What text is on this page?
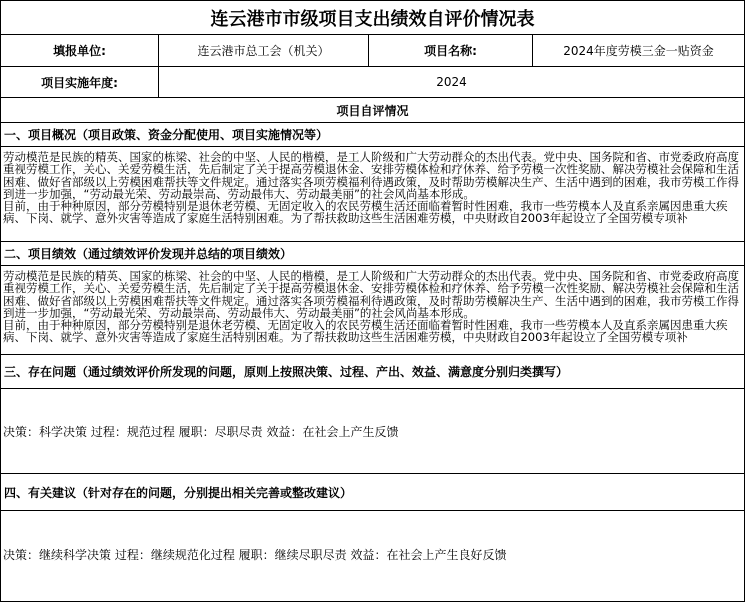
连云港市市级项目支出绩效自评价情况表
填报单位:	连云港市总工会（机关）	项目名称:	2024年度劳模三金一贴资金
项目实施年度:	2024
项目自评情况
一、项目概况（项目政策、资金分配使用、项目实施情况等）

劳动模范是民族的精英、国家的栋梁、社会的中坚、人民的楷模，是工人阶级和广大劳动群众的杰出代表。党中央、国务院和省、市党委政府高度重视劳模工作，关心、关爱劳模生活，先后制定了关于提高劳模退休金、安排劳模体检和疗休养、给予劳模一次性奖励、解决劳模社会保障和生活困难、做好省部级以上劳模困难帮扶等文件规定。通过落实各项劳模福利待遇政策，及时帮助劳模解决生产、生活中遇到的困难，我市劳模工作得到进一步加强，“劳动最光荣、劳动最崇高、劳动最伟大、劳动最美丽”的社会风尚基本形成。

目前，由于种种原因，部分劳模特别是退休老劳模、无固定收入的农民劳模生活还面临着暂时性困难，我市一些劳模本人及直系亲属因患重大疾病、下岗、就学、意外灾害等造成了家庭生活特别困难。为了帮扶救助这些生活困难劳模，中央财政自2003年起设立了全国劳模专项补

二、项目绩效（通过绩效评价发现并总结的项目绩效）

劳动模范是民族的精英、国家的栋梁、社会的中坚、人民的楷模，是工人阶级和广大劳动群众的杰出代表。党中央、国务院和省、市党委政府高度重视劳模工作，关心、关爱劳模生活，先后制定了关于提高劳模退休金、安排劳模体检和疗休养、给予劳模一次性奖励、解决劳模社会保障和生活困难、做好省部级以上劳模困难帮扶等文件规定。通过落实各项劳模福利待遇政策，及时帮助劳模解决生产、生活中遇到的困难，我市劳模工作得到进一步加强，“劳动最光荣、劳动最崇高、劳动最伟大、劳动最美丽”的社会风尚基本形成。

目前，由于种种原因，部分劳模特别是退休老劳模、无固定收入的农民劳模生活还面临着暂时性困难，我市一些劳模本人及直系亲属因患重大疾病、下岗、就学、意外灾害等造成了家庭生活特别困难。为了帮扶救助这些生活困难劳模，中央财政自2003年起设立了全国劳模专项补

三、存在问题（通过绩效评价所发现的问题，原则上按照决策、过程、产出、效益、满意度分别归类撰写）
决策：科学决策 过程：规范过程 履职：尽职尽责 效益：在社会上产生反馈
四、有关建议（针对存在的问题，分别提出相关完善或整改建议）
决策：继续科学决策 过程：继续规范化过程 履职：继续尽职尽责 效益：在社会上产生良好反馈
